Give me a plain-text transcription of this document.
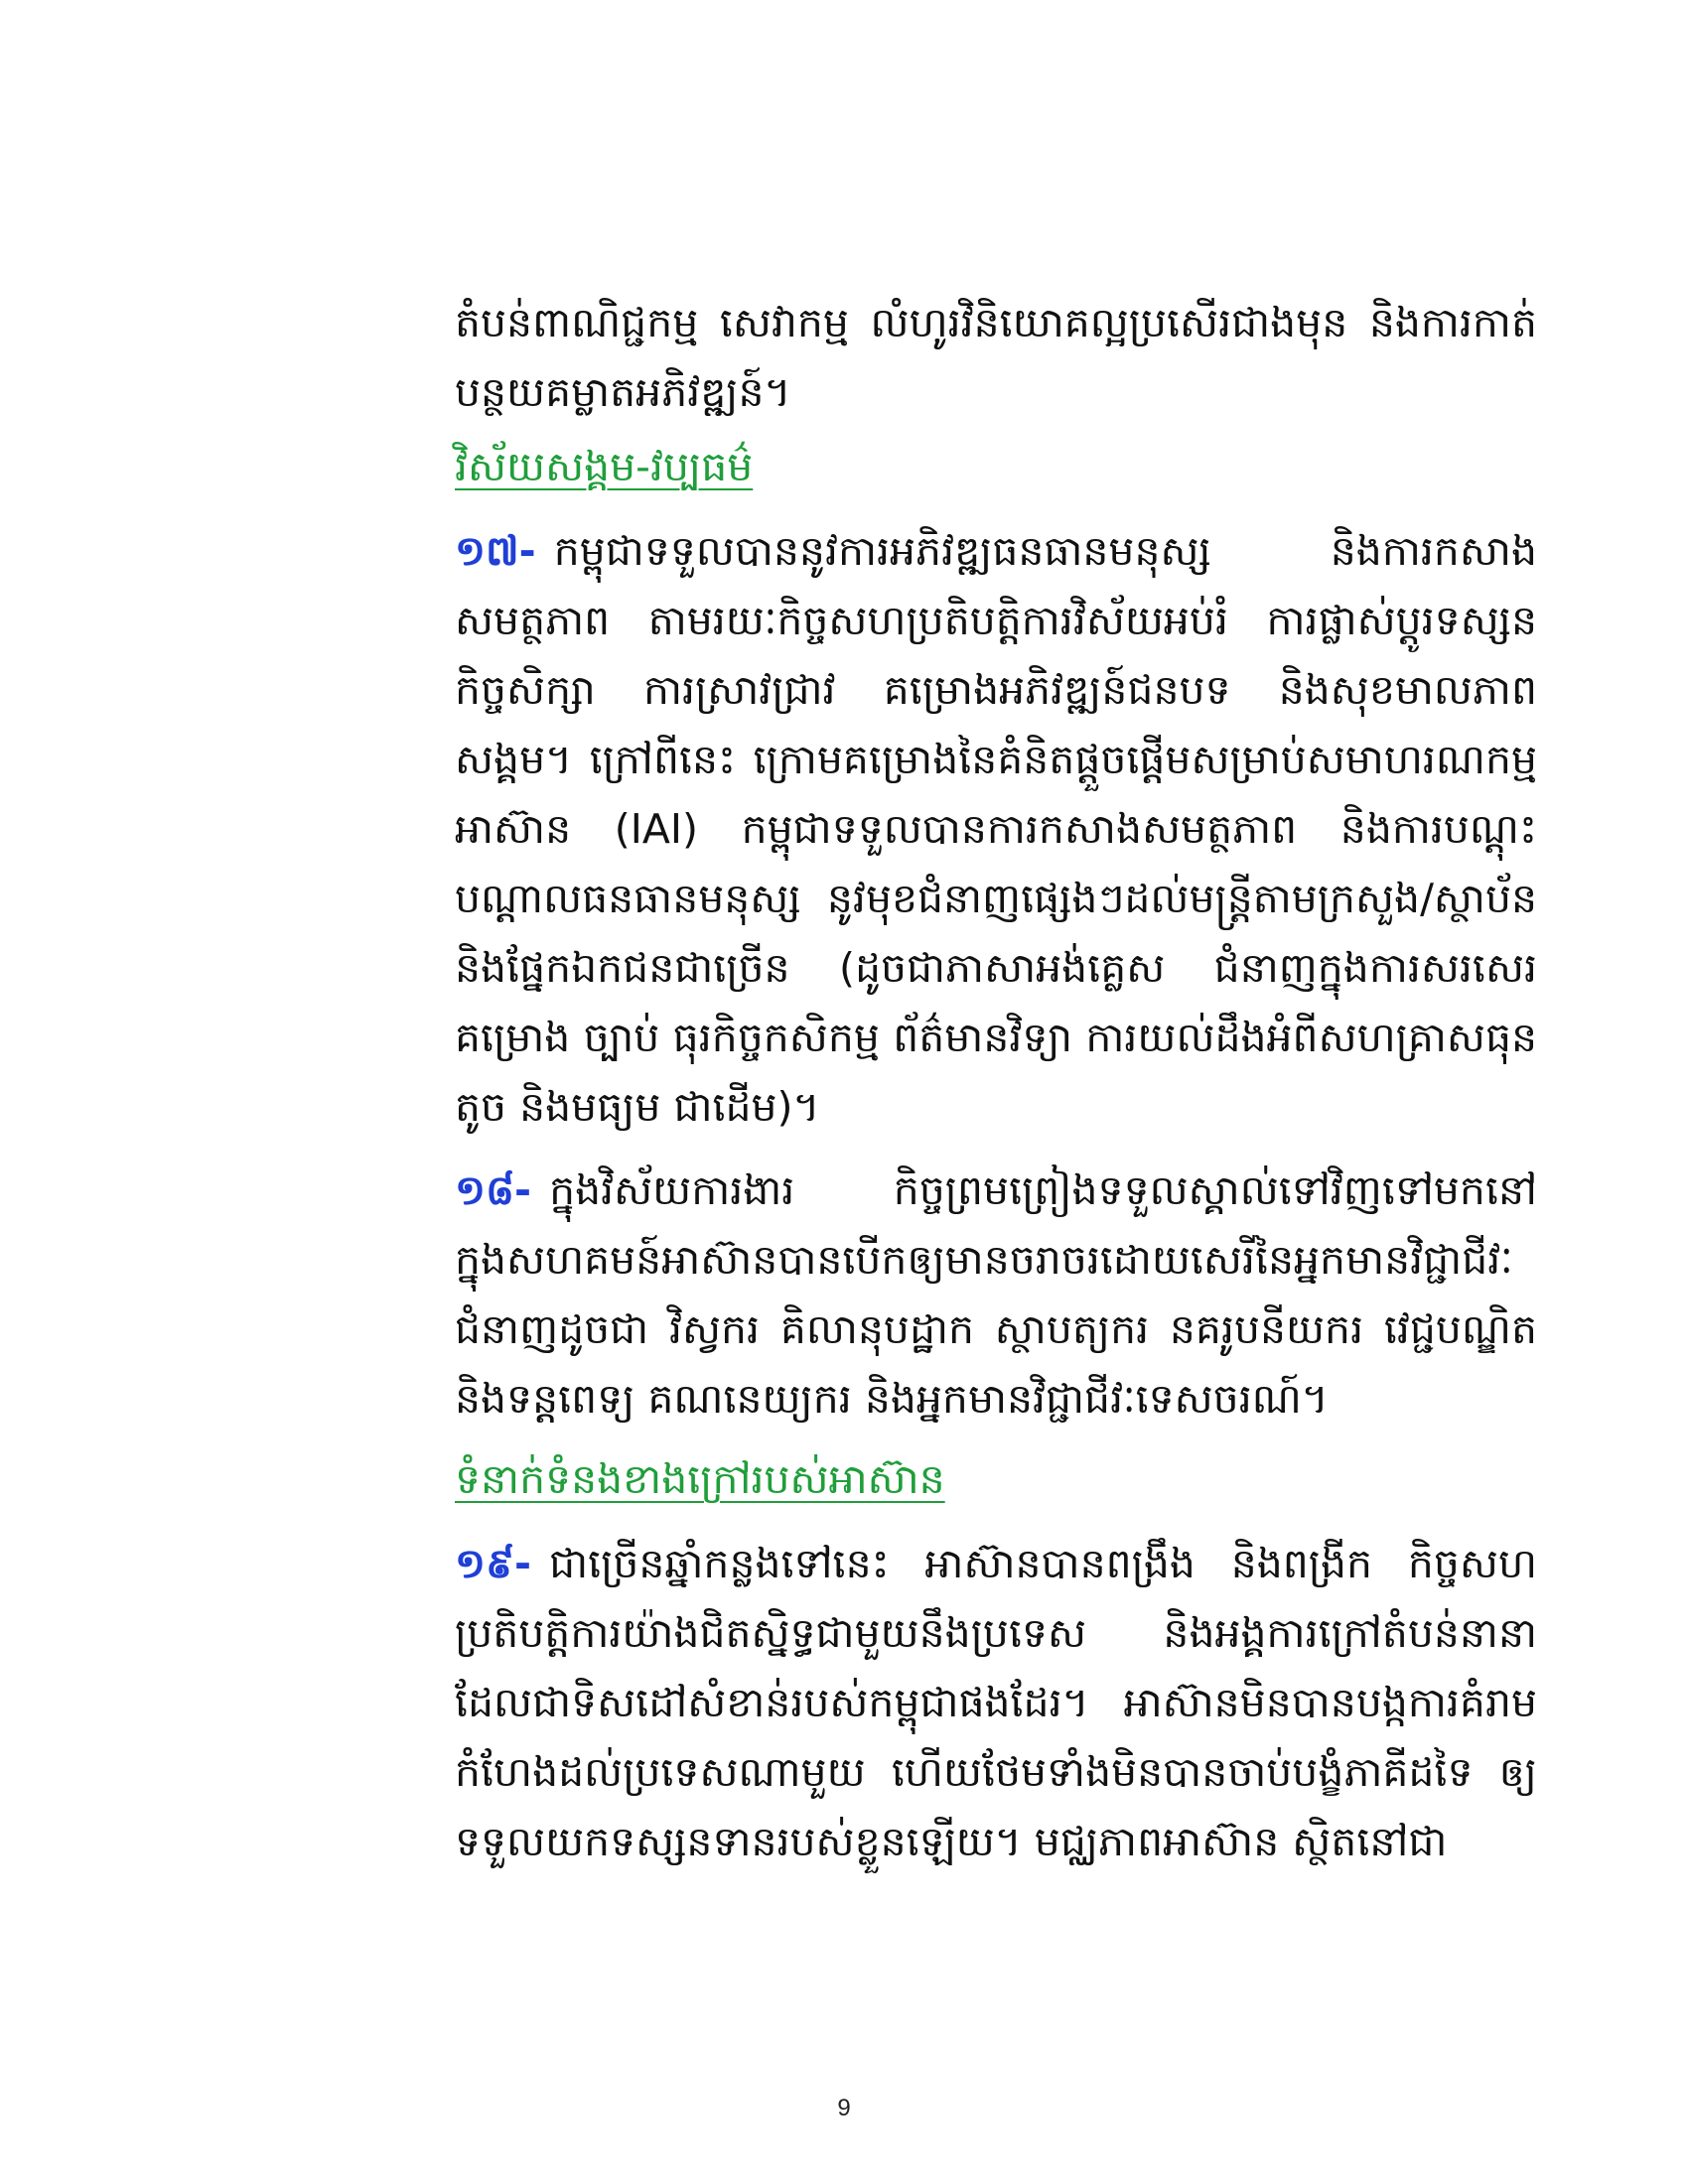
តំបន់ពាណិជ្ជកម្ម សេវាកម្ម លំហូរវិនិយោគល្អប្រសើរជាងមុន និងការកាត់បន្ថយគម្លាតអភិវឌ្ឍន៍។

វិស័យសង្គម-វប្បធម៌

១៧- កម្ពុជាទទួលបាននូវការអភិវឌ្ឍធនធានមនុស្ស និងការកសាងសមត្ថភាព តាមរយៈកិច្ចសហប្រតិបត្តិការវិស័យអប់រំ ការផ្លាស់ប្ដូរទស្សនកិច្ចសិក្សា ការស្រាវជ្រាវ គម្រោងអភិវឌ្ឍន៍ជនបទ និងសុខមាលភាពសង្គម។ ក្រៅពីនេះ ក្រោមគម្រោងនៃគំនិតផ្ដួចផ្ដើមសម្រាប់សមាហរណកម្មអាស៊ាន (IAI) កម្ពុជាទទួលបានការកសាងសមត្ថភាព និងការបណ្ដុះបណ្ដាលធនធានមនុស្ស នូវមុខជំនាញផ្សេងៗដល់មន្ត្រីតាមក្រសួង/ស្ថាប័ន និងផ្នែកឯកជនជាច្រើន (ដូចជាភាសាអង់គ្លេស ជំនាញក្នុងការសរសេរគម្រោង ច្បាប់ ធុរកិច្ចកសិកម្ម ព័ត៌មានវិទ្យា ការយល់ដឹងអំពីសហគ្រាសធុនតូច និងមធ្យម ជាដើម)។

១៨- ក្នុងវិស័យការងារ កិច្ចព្រមព្រៀងទទួលស្គាល់ទៅវិញទៅមកនៅក្នុងសហគមន៍អាស៊ានបានបើកឲ្យមានចរាចរដោយសេរីនៃអ្នកមានវិជ្ជាជីវៈជំនាញដូចជា វិស្វករ គិលានុបដ្ឋាក ស្ថាបត្យករ នគរូបនីយករ វេជ្ជបណ្ឌិតនិងទន្តពេទ្យ គណនេយ្យករ និងអ្នកមានវិជ្ជាជីវៈទេសចរណ៍។

ទំនាក់ទំនងខាងក្រៅរបស់អាស៊ាន

១៩- ជាច្រើនឆ្នាំកន្លងទៅនេះ អាស៊ានបានពង្រឹង និងពង្រីក កិច្ចសហប្រតិបត្តិការយ៉ាងជិតស្និទ្ធជាមួយនឹងប្រទេស និងអង្គការក្រៅតំបន់នានាដែលជាទិសដៅសំខាន់របស់កម្ពុជាផងដែរ។ អាស៊ានមិនបានបង្កការគំរាមកំហែងដល់ប្រទេសណាមួយ ហើយថែមទាំងមិនបានចាប់បង្ខំភាគីដទៃ ឲ្យទទួលយកទស្សនទានរបស់ខ្លួនឡើយ។ មជ្ឈភាពអាស៊ាន ស្ថិតនៅជា

9
